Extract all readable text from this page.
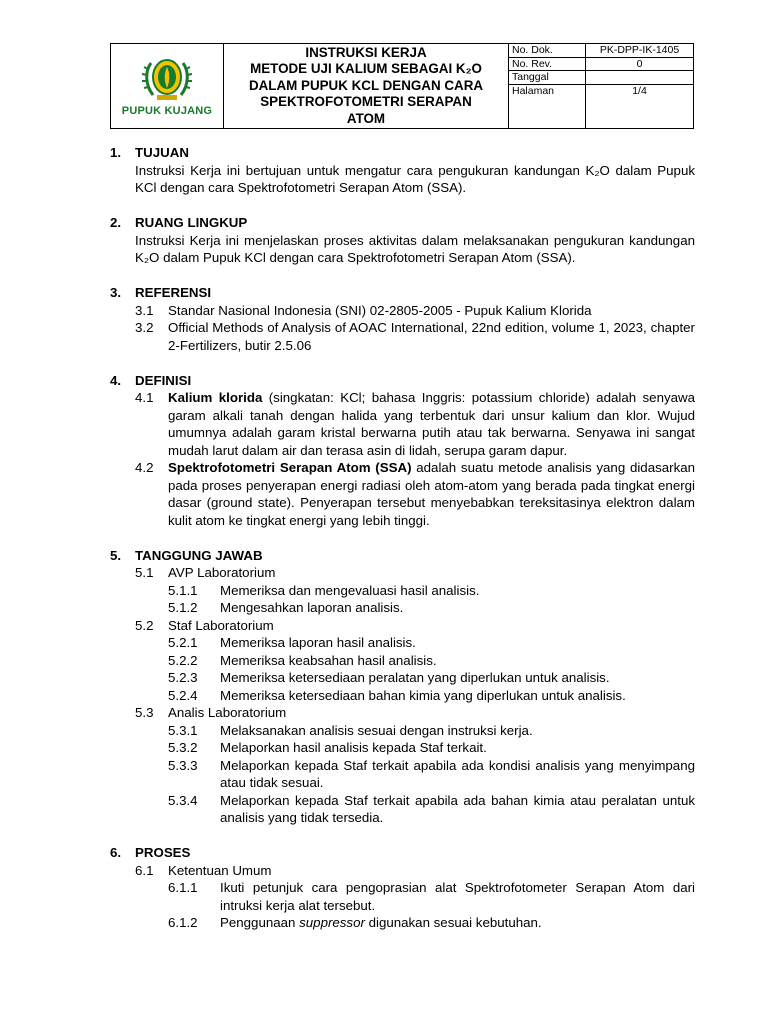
PUPUK KUJANG
INSTRUKSI KERJA
METODE UJI KALIUM SEBAGAI K₂O
DALAM PUPUK KCL DENGAN CARA
SPEKTROFOTOMETRI SERAPAN
ATOM
No. Dok.	PK-DPP-IK-1405
No. Rev.	0
Tanggal
Halaman	1/4
1.	TUJUAN
Instruksi Kerja ini bertujuan untuk mengatur cara pengukuran kandungan K₂O dalam Pupuk KCl dengan cara Spektrofotometri Serapan Atom (SSA).
2.	RUANG LINGKUP
Instruksi Kerja ini menjelaskan proses aktivitas dalam melaksanakan pengukuran kandungan K₂O dalam Pupuk KCl dengan cara Spektrofotometri Serapan Atom (SSA).
3.	REFERENSI
3.1	Standar Nasional Indonesia (SNI) 02-2805-2005 - Pupuk Kalium Klorida
3.2	Official Methods of Analysis of AOAC International, 22nd edition, volume 1, 2023, chapter 2-Fertilizers, butir 2.5.06
4.	DEFINISI
4.1	Kalium klorida (singkatan: KCl; bahasa Inggris: potassium chloride) adalah senyawa garam alkali tanah dengan halida yang terbentuk dari unsur kalium dan klor. Wujud umumnya adalah garam kristal berwarna putih atau tak berwarna. Senyawa ini sangat mudah larut dalam air dan terasa asin di lidah, serupa garam dapur.
4.2	Spektrofotometri Serapan Atom (SSA) adalah suatu metode analisis yang didasarkan pada proses penyerapan energi radiasi oleh atom-atom yang berada pada tingkat energi dasar (ground state). Penyerapan tersebut menyebabkan tereksitasinya elektron dalam kulit atom ke tingkat energi yang lebih tinggi.
5.	TANGGUNG JAWAB
5.1	AVP Laboratorium
5.1.1	Memeriksa dan mengevaluasi hasil analisis.
5.1.2	Mengesahkan laporan analisis.
5.2	Staf Laboratorium
5.2.1	Memeriksa laporan hasil analisis.
5.2.2	Memeriksa keabsahan hasil analisis.
5.2.3	Memeriksa ketersediaan peralatan yang diperlukan untuk analisis.
5.2.4	Memeriksa ketersediaan bahan kimia yang diperlukan untuk analisis.
5.3	Analis Laboratorium
5.3.1	Melaksanakan analisis sesuai dengan instruksi kerja.
5.3.2	Melaporkan hasil analisis kepada Staf terkait.
5.3.3	Melaporkan kepada Staf terkait apabila ada kondisi analisis yang menyimpang atau tidak sesuai.
5.3.4	Melaporkan kepada Staf terkait apabila ada bahan kimia atau peralatan untuk analisis yang tidak tersedia.
6.	PROSES
6.1	Ketentuan Umum
6.1.1	Ikuti petunjuk cara pengoprasian alat Spektrofotometer Serapan Atom dari intruksi kerja alat tersebut.
6.1.2	Penggunaan suppressor digunakan sesuai kebutuhan.
